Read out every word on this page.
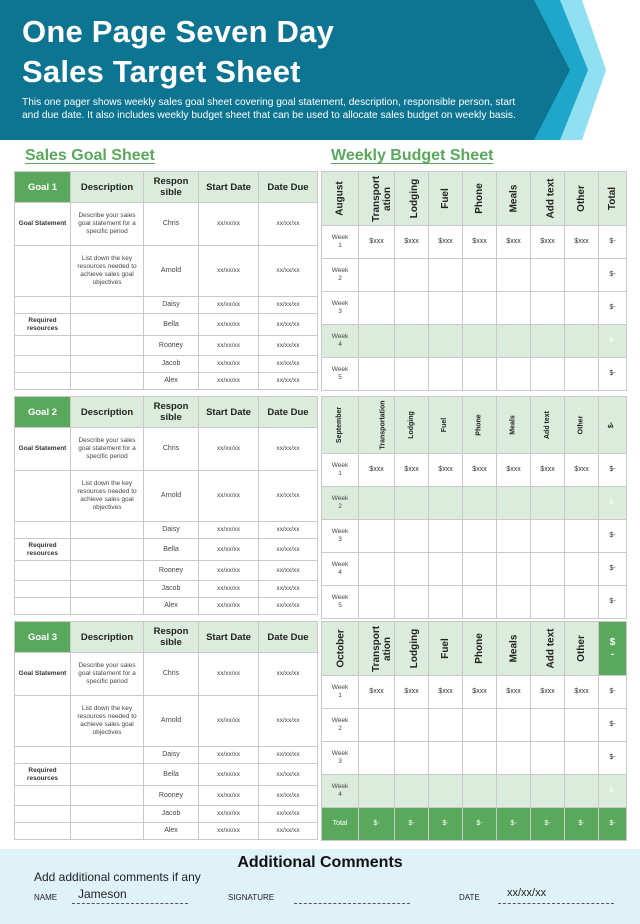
One Page Seven Day
Sales Target Sheet
This one pager shows weekly sales goal sheet covering goal statement, description, responsible person, start and due date. It also includes weekly budget sheet that can be used to allocate sales budget on weekly basis.
Sales Goal Sheet	Weekly Budget Sheet
Goal 1	Description	Respon sible	Start Date	Date Due
Goal Statement	Describe your sales goal statement for a specific period	Chris	xx/xx/xx	xx/xx/xx
	List down the key resources needed to achieve sales goal objectives	Arnold	xx/xx/xx	xx/xx/xx
		Daisy	xx/xx/xx	xx/xx/xx
Required resources		Bella	xx/xx/xx	xx/xx/xx
		Rooney	xx/xx/xx	xx/xx/xx
		Jacob	xx/xx/xx	xx/xx/xx
		Alex	xx/xx/xx	xx/xx/xx
Goal 2	Description	Respon sible	Start Date	Date Due
Goal Statement	Describe your sales goal statement for a specific period	Chris	xx/xx/xx	xx/xx/xx
	List down the key resources needed to achieve sales goal objectives	Arnold	xx/xx/xx	xx/xx/xx
		Daisy	xx/xx/xx	xx/xx/xx
Required resources		Bella	xx/xx/xx	xx/xx/xx
		Rooney	xx/xx/xx	xx/xx/xx
		Jacob	xx/xx/xx	xx/xx/xx
		Alex	xx/xx/xx	xx/xx/xx
Goal 3	Description	Respon sible	Start Date	Date Due
Goal Statement	Describe your sales goal statement for a specific period	Chris	xx/xx/xx	xx/xx/xx
	List down the key resources needed to achieve sales goal objectives	Arnold	xx/xx/xx	xx/xx/xx
		Daisy	xx/xx/xx	xx/xx/xx
Required resources		Bella	xx/xx/xx	xx/xx/xx
		Rooney	xx/xx/xx	xx/xx/xx
		Jacob	xx/xx/xx	xx/xx/xx
		Alex	xx/xx/xx	xx/xx/xx
August	Transport ation	Lodging	Fuel	Phone	Meals	Add text	Other	Total

Week
1	$xxx	$xxx	$xxx	$xxx	$xxx	$xxx	$xxx	$-

Week
2								$-

Week
3								$-

Week
4								$-

Week
5								$-
September	Transportation	Lodging	Fuel	Phone	Meals	Add text	Other	$-

Week
1	$xxx	$xxx	$xxx	$xxx	$xxx	$xxx	$xxx	$-

Week
2								$-

Week
3								$-

Week
4								$-

Week
5								$-
October	Transport ation	Lodging	Fuel	Phone	Meals	Add text	Other	$ -

Week
1	$xxx	$xxx	$xxx	$xxx	$xxx	$xxx	$xxx	$-

Week
2								$-

Week
3								$-

Week
4								$-
Total	$-	$-	$-	$-	$-	$-	$-	$-
Additional Comments
Add additional comments if any
NAME Jameson	SIGNATURE	DATE xx/xx/xx
